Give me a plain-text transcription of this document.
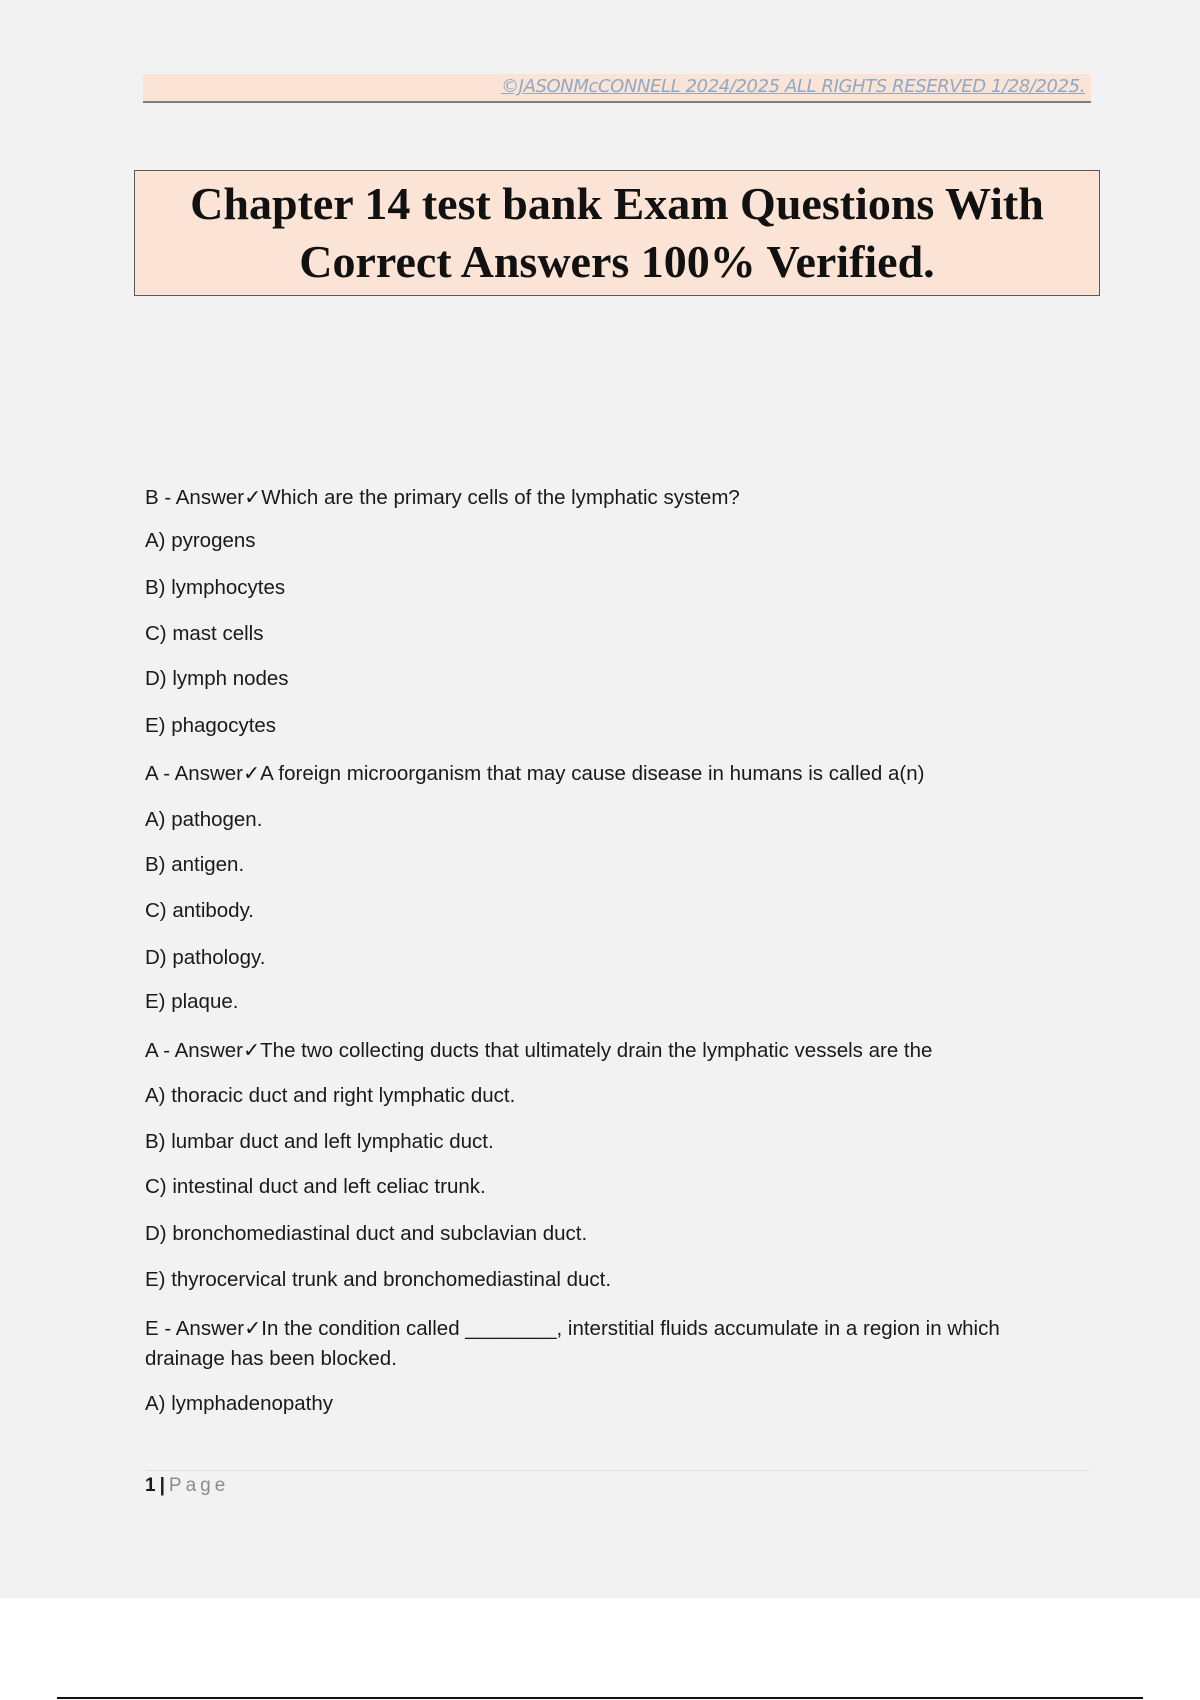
©JASONMcCONNELL 2024/2025 ALL RIGHTS RESERVED 1/28/2025.
Chapter 14 test bank Exam Questions With
Correct Answers 100% Verified.

B - Answer✓Which are the primary cells of the lymphatic system?

A) pyrogens

B) lymphocytes

C) mast cells

D) lymph nodes

E) phagocytes

A - Answer✓A foreign microorganism that may cause disease in humans is called a(n)

A) pathogen.

B) antigen.

C) antibody.

D) pathology.

E) plaque.

A - Answer✓The two collecting ducts that ultimately drain the lymphatic vessels are the

A) thoracic duct and right lymphatic duct.

B) lumbar duct and left lymphatic duct.

C) intestinal duct and left celiac trunk.

D) bronchomediastinal duct and subclavian duct.

E) thyrocervical trunk and bronchomediastinal duct.

E - Answer✓In the condition called ________, interstitial fluids accumulate in a region in which drainage has been blocked.

A) lymphadenopathy

1 | Page
